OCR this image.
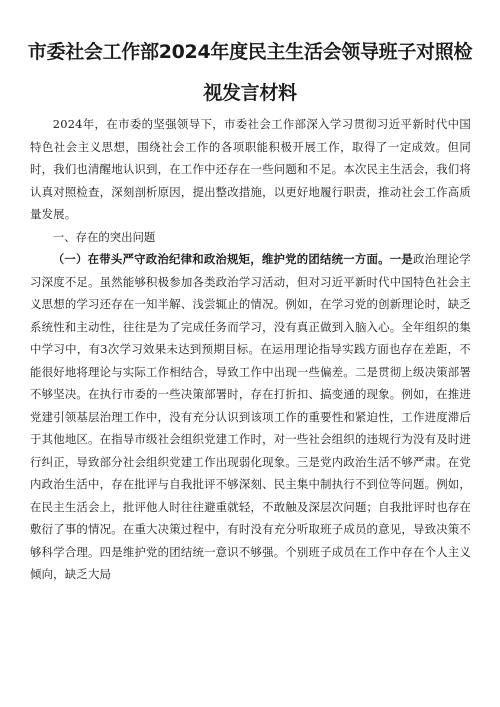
市委社会工作部2024年度民主生活会领导班子对照检
视发言材料

2024年，在市委的坚强领导下，市委社会工作部深入学习贯彻习近平新时代中国特色社会主义思想，围绕社会工作的各项职能积极开展工作，取得了一定成效。但同时，我们也清醒地认识到，在工作中还存在一些问题和不足。本次民主生活会，我们将认真对照检查，深刻剖析原因，提出整改措施，以更好地履行职责，推动社会工作高质量发展。

一、存在的突出问题

（一）在带头严守政治纪律和政治规矩，维护党的团结统一方面。一是政治理论学习深度不足。虽然能够积极参加各类政治学习活动，但对习近平新时代中国特色社会主义思想的学习还存在一知半解、浅尝辄止的情况。例如，在学习党的创新理论时，缺乏系统性和主动性，往往是为了完成任务而学习，没有真正做到入脑入心。全年组织的集中学习中，有3次学习效果未达到预期目标。在运用理论指导实践方面也存在差距，不能很好地将理论与实际工作相结合，导致工作中出现一些偏差。二是贯彻上级决策部署不够坚决。在执行市委的一些决策部署时，存在打折扣、搞变通的现象。例如，在推进党建引领基层治理工作中，没有充分认识到该项工作的重要性和紧迫性，工作进度滞后于其他地区。在指导市级社会组织党建工作时，对一些社会组织的违规行为没有及时进行纠正，导致部分社会组织党建工作出现弱化现象。三是党内政治生活不够严肃。在党内政治生活中，存在批评与自我批评不够深刻、民主集中制执行不到位等问题。例如，在民主生活会上，批评他人时往往避重就轻，不敢触及深层次问题；自我批评时也存在敷衍了事的情况。在重大决策过程中，有时没有充分听取班子成员的意见，导致决策不够科学合理。四是维护党的团结统一意识不够强。个别班子成员在工作中存在个人主义倾向，缺乏大局
